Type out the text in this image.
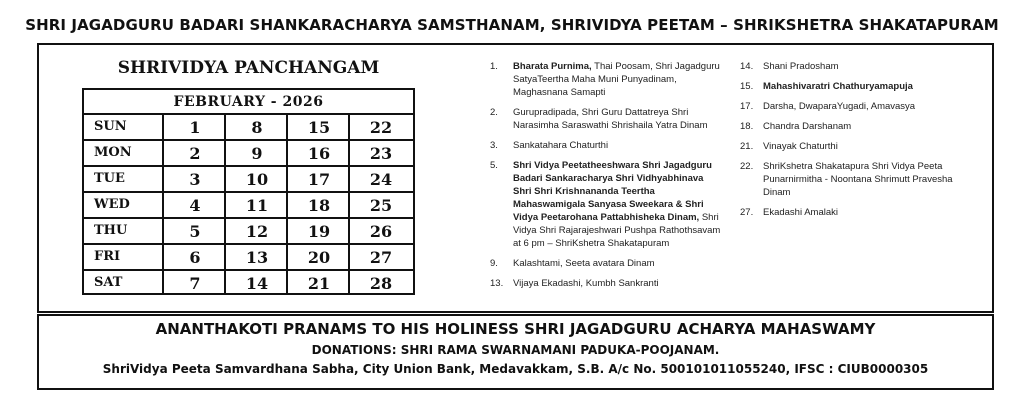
SHRI JAGADGURU BADARI SHANKARACHARYA SAMSTHANAM, SHRIVIDYA PEETAM – SHRIKSHETRA SHAKATAPURAM
SHRIVIDYA PANCHANGAM
FEBRUARY - 2026
SUN	1	8	15	22
MON	2	9	16	23
TUE	3	10	17	24
WED	4	11	18	25
THU	5	12	19	26
FRI	6	13	20	27
SAT	7	14	21	28
1. Bharata Purnima, Thai Poosam, Shri Jagadguru SatyaTeertha Maha Muni Punyadinam, Maghasnana Samapti
2. Gurupradipada, Shri Guru Dattatreya Shri Narasimha Saraswathi Shrishaila Yatra Dinam
3. Sankatahara Chaturthi
5. Shri Vidya Peetatheeshwara Shri Jagadguru Badari Sankaracharya Shri Vidhyabhinava Shri Shri Krishnananda Teertha Mahaswamigala Sanyasa Sweekara & Shri Vidya Peetarohana Pattabhisheka Dinam, Shri Vidya Shri Rajarajeshwari Pushpa Rathothsavam at 6 pm – ShriKshetra Shakatapuram
9. Kalashtami, Seeta avatara Dinam
13. Vijaya Ekadashi, Kumbh Sankranti
14. Shani Pradosham
15. Mahashivaratri Chathuryamapuja
17. Darsha, DwaparaYugadi, Amavasya
18. Chandra Darshanam
21. Vinayak Chaturthi
22. ShriKshetra Shakatapura Shri Vidya Peeta Punarnirmitha - Noontana Shrimutt Pravesha Dinam
27. Ekadashi Amalaki
ANANTHAKOTI PRANAMS TO HIS HOLINESS SHRI JAGADGURU ACHARYA MAHASWAMY
DONATIONS: SHRI RAMA SWARNAMANI PADUKA-POOJANAM.
ShriVidya Peeta Samvardhana Sabha, City Union Bank, Medavakkam, S.B. A/c No. 500101011055240, IFSC : CIUB0000305
